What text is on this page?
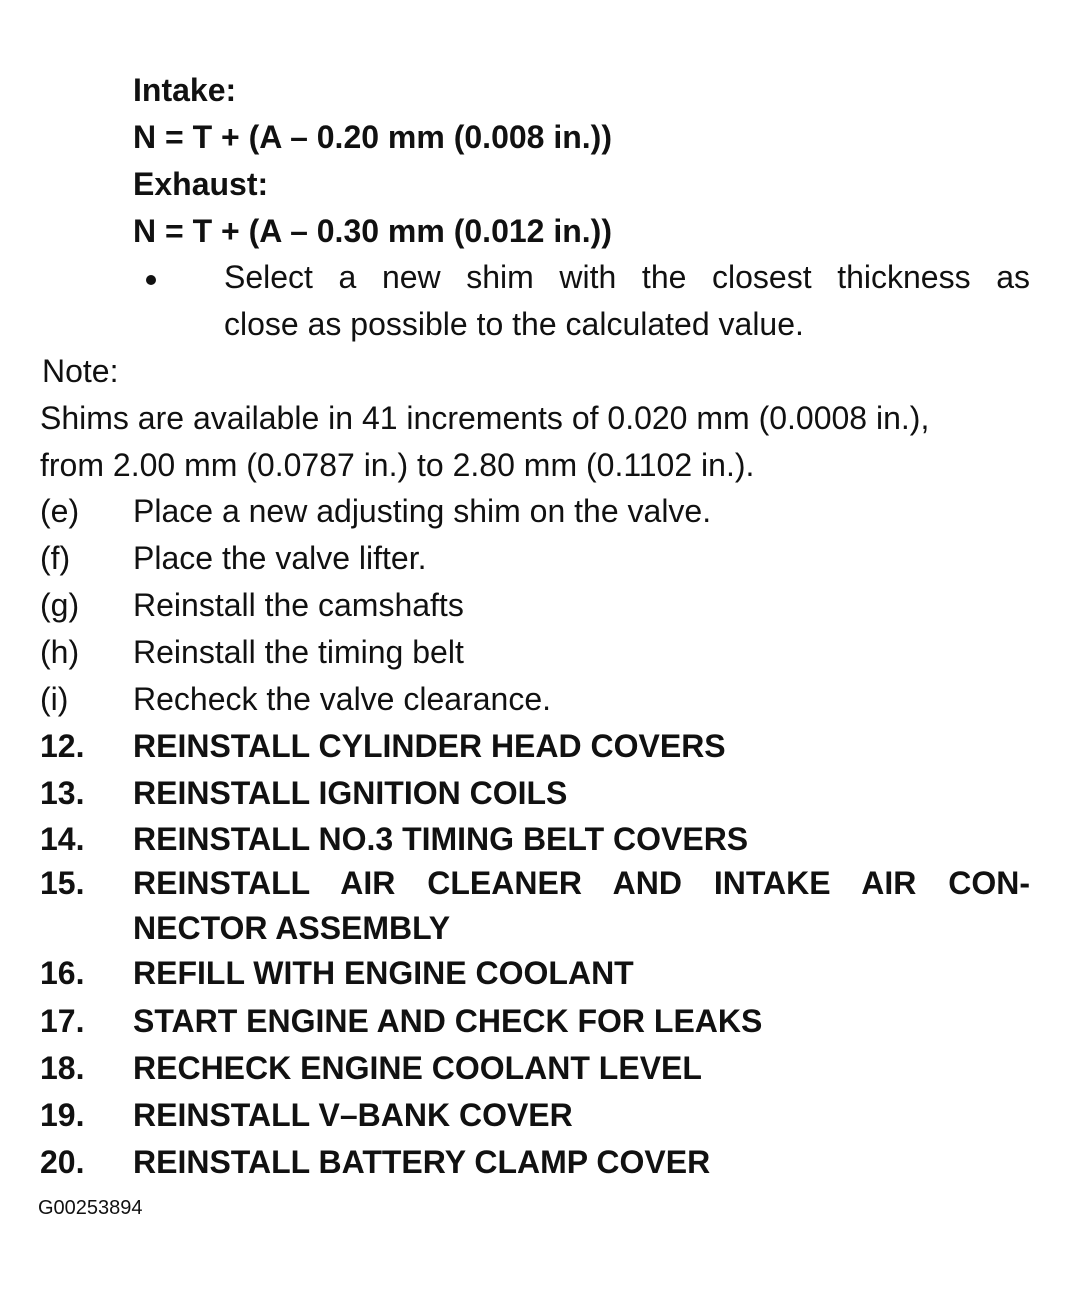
Intake:
N = T + (A – 0.20 mm (0.008 in.))
Exhaust:
N = T + (A – 0.30 mm (0.012 in.))
Select a new shim with the closest thickness as
close as possible to the calculated value.
Note:
Shims are available in 41 increments of 0.020 mm (0.0008 in.),
from 2.00 mm (0.0787 in.) to 2.80 mm (0.1102 in.).
(e) Place a new adjusting shim on the valve.
(f) Place the valve lifter.
(g) Reinstall the camshafts
(h) Reinstall the timing belt
(i) Recheck the valve clearance.
12. REINSTALL CYLINDER HEAD COVERS
13. REINSTALL IGNITION COILS
14. REINSTALL NO.3 TIMING BELT COVERS
15. REINSTALL AIR CLEANER AND INTAKE AIR CON-
NECTOR ASSEMBLY
16. REFILL WITH ENGINE COOLANT
17. START ENGINE AND CHECK FOR LEAKS
18. RECHECK ENGINE COOLANT LEVEL
19. REINSTALL V–BANK COVER
20. REINSTALL BATTERY CLAMP COVER
G00253894
